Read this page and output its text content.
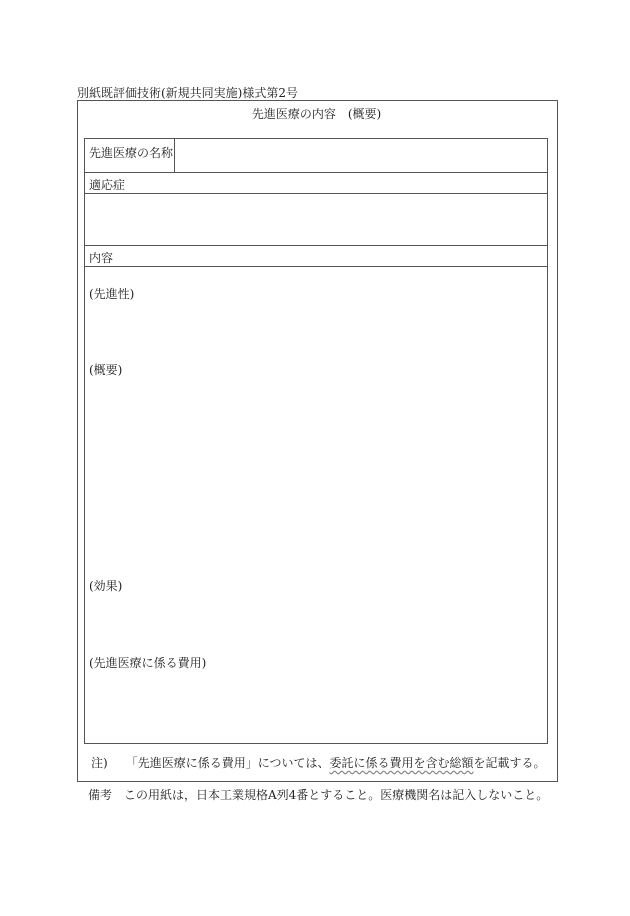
別紙既評価技術(新規共同実施)様式第2号
先進医療の内容　(概要)
先進医療の名称
適応症
内容
(先進性)
(概要)
(効果)
(先進医療に係る費用)
注) 「先進医療に係る費用」については、委託に係る費用を含む総額を記載する。
備考　この用紙は，日本工業規格A列4番とすること。医療機関名は記入しないこと。
